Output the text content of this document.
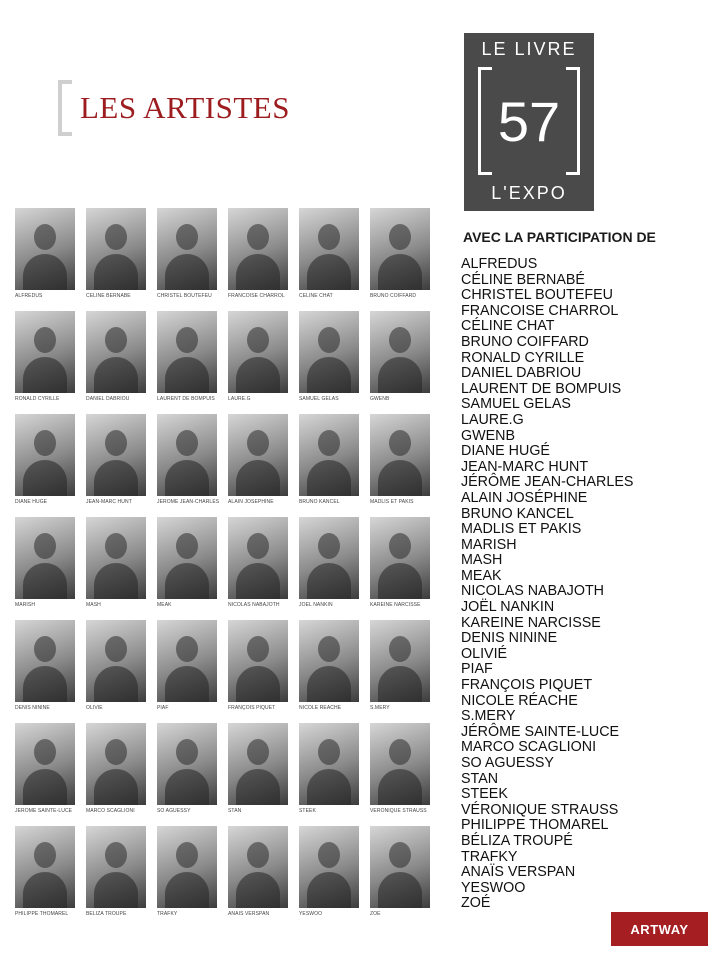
LES ARTISTES
LE LIVRE
57
L'EXPO
ALFREDUS	CÉLINE BERNABÉ	CHRISTEL BOUTEFEU	FRANCOISE CHARROL	CÉLINE CHAT	BRUNO COIFFARD
RONALD CYRILLE	DANIEL DABRIOU	LAURENT DE BOMPUIS	LAURE.G	SAMUEL GELAS	GWENB
DIANE HUGÉ	JEAN-MARC HUNT	JÉRÔME JEAN-CHARLES	ALAIN JOSÉPHINE	BRUNO KANCEL	MADLIS ET PAKIS
MARISH	MASH	MEAK	NICOLAS NABAJOTH	JOËL NANKIN	KAREINE NARCISSE
DENIS NININE	OLIVIÉ	PIAF	FRANÇOIS PIQUET	NICOLE RÉACHE	S.MERY
JÉRÔME SAINTE-LUCE	MARCO SCAGLIONI	SO AGUESSY	STAN	STEEK	VÉRONIQUE STRAUSS
PHILIPPE THOMAREL	BÉLIZA TROUPÉ	TRAFKY	ANAÏS VERSPAN	YESWOO	ZOÉ
AVEC LA PARTICIPATION DE
ALFREDUS
CÉLINE BERNABÉ
CHRISTEL BOUTEFEU
FRANCOISE CHARROL
CÉLINE CHAT
BRUNO COIFFARD
RONALD CYRILLE
DANIEL DABRIOU
LAURENT DE BOMPUIS
SAMUEL GELAS
LAURE.G
GWENB
DIANE HUGÉ
JEAN-MARC HUNT
JÉRÔME JEAN-CHARLES
ALAIN JOSÉPHINE
BRUNO KANCEL
MADLIS ET PAKIS
MARISH
MASH
MEAK
NICOLAS NABAJOTH
JOËL NANKIN
KAREINE NARCISSE
DENIS NININE
OLIVIÉ
PIAF
FRANÇOIS PIQUET
NICOLE RÉACHE
S.MERY
JÉRÔME SAINTE-LUCE
MARCO SCAGLIONI
SO AGUESSY
STAN
STEEK
VÉRONIQUE STRAUSS
PHILIPPE THOMAREL
BÉLIZA TROUPÉ
TRAFKY
ANAÏS VERSPAN
YESWOO
ZOÉ
ARTWAY
